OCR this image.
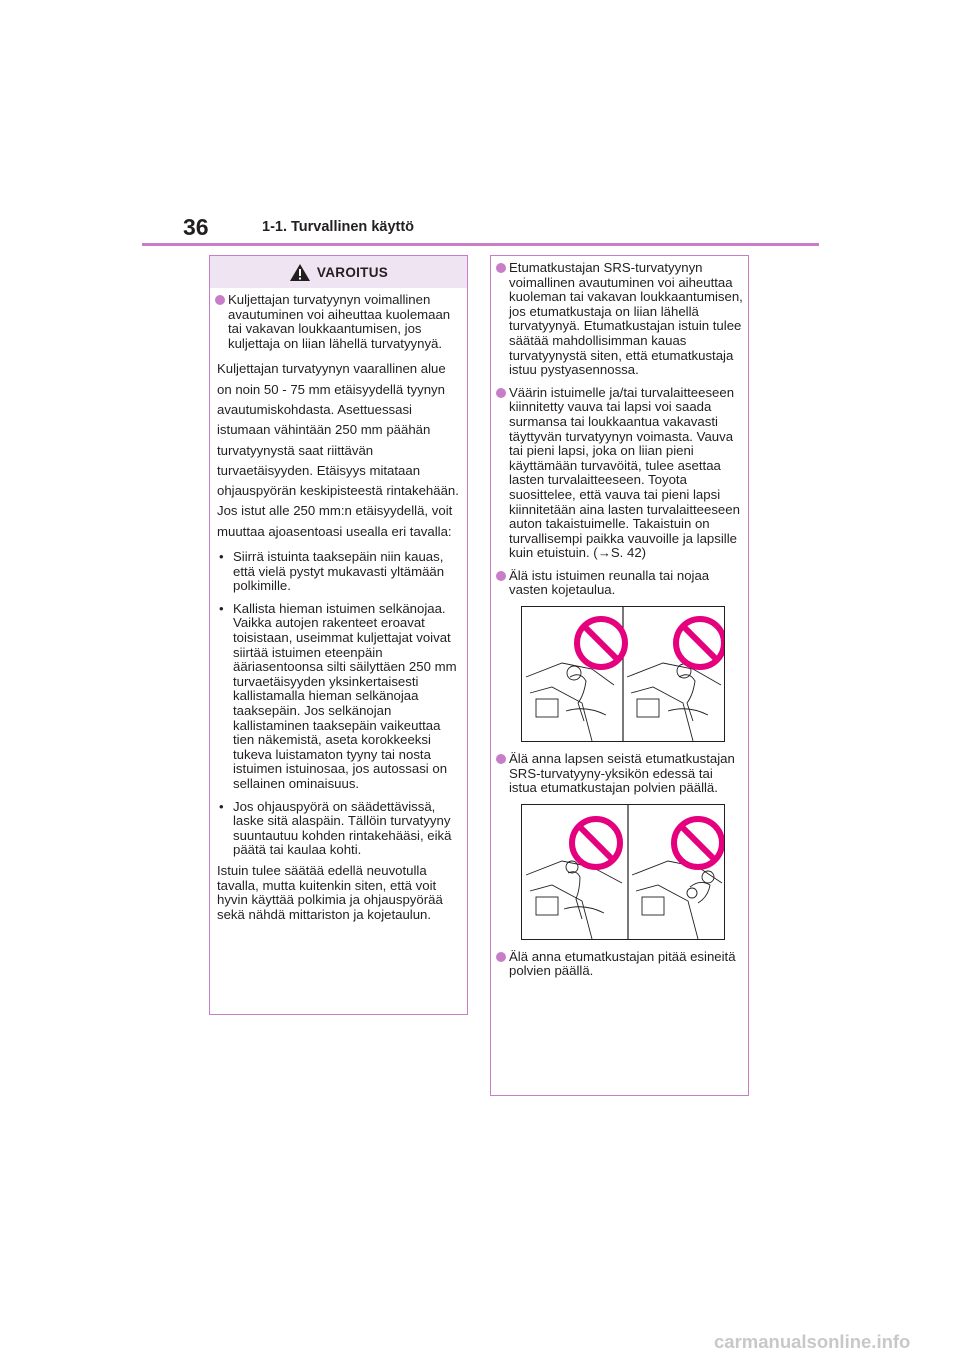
36	1-1. Turvallinen käyttö
VAROITUS
Kuljettajan turvatyynyn voimallinen avautuminen voi aiheuttaa kuolemaan tai vakavan loukkaantumisen, jos kuljettaja on liian lähellä turvatyynyä.

Kuljettajan turvatyynyn vaarallinen alue on noin 50 - 75 mm etäisyydellä tyynyn avautumiskohdasta. Asettuessasi istumaan vähintään 250 mm päähän turvatyynystä saat riittävän turvaetäisyyden. Etäisyys mitataan ohjauspyörän keskipisteestä rintakehään. Jos istut alle 250 mm:n etäisyydellä, voit muuttaa ajoasentoasi usealla eri tavalla:

• Siirrä istuinta taaksepäin niin kauas, että vielä pystyt mukavasti yltämään polkimille.
• Kallista hieman istuimen selkänojaa. Vaikka autojen rakenteet eroavat toisistaan, useimmat kuljettajat voivat siirtää istuimen eteenpäin ääriasentoonsa silti säilyttäen 250 mm turvaetäisyyden yksinkertaisesti kallistamalla hieman selkänojaa taaksepäin. Jos selkänojan kallistaminen taaksepäin vaikeuttaa tien näkemistä, aseta korokkeeksi tukeva luistamaton tyyny tai nosta istuimen istuinosaa, jos autossasi on sellainen ominaisuus.
• Jos ohjauspyörä on säädettävissä, laske sitä alaspäin. Tällöin turvatyyny suuntautuu kohden rintakehääsi, eikä päätä tai kaulaa kohti.

Istuin tulee säätää edellä neuvotulla tavalla, mutta kuitenkin siten, että voit hyvin käyttää polkimia ja ohjauspyörää sekä nähdä mittariston ja kojetaulun.

Etumatkustajan SRS-turvatyynyn voimallinen avautuminen voi aiheuttaa kuoleman tai vakavan loukkaantumisen, jos etumatkustaja on liian lähellä turvatyynyä. Etumatkustajan istuin tulee säätää mahdollisimman kauas turvatyynystä siten, että etumatkustaja istuu pystyasennossa.
Väärin istuimelle ja/tai turvalaitteeseen kiinnitetty vauva tai lapsi voi saada surmansa tai loukkaantua vakavasti täyttyvän turvatyynyn voimasta. Vauva tai pieni lapsi, joka on liian pieni käyttämään turvavöitä, tulee asettaa lasten turvalaitteeseen. Toyota suosittelee, että vauva tai pieni lapsi kiinnitetään aina lasten turvalaitteeseen auton takaistuimelle. Takaistuin on turvallisempi paikka vauvoille ja lapsille kuin etuistuin. (→S. 42)
Älä istu istuimen reunalla tai nojaa vasten kojetaulua.
Älä anna lapsen seistä etumatkustajan SRS-turvatyyny-yksikön edessä tai istua etumatkustajan polvien päällä.
Älä anna etumatkustajan pitää esineitä polvien päällä.
carmanualsonline.info
